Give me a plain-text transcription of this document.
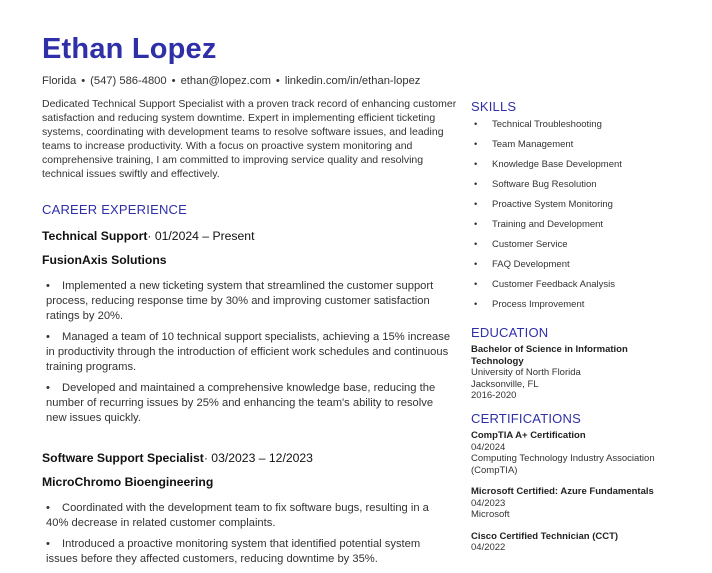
Ethan Lopez
Florida • (547) 586-4800 • ethan@lopez.com • linkedin.com/in/ethan-lopez

Dedicated Technical Support Specialist with a proven track record of enhancing customer satisfaction and reducing system downtime. Expert in implementing efficient ticketing systems, coordinating with development teams to resolve software issues, and leading teams to increase productivity. With a focus on proactive system monitoring and comprehensive training, I am committed to improving service quality and resolving technical issues swiftly and effectively.

CAREER EXPERIENCE
Technical Support· 01/2024 – Present
FusionAxis Solutions
• Implemented a new ticketing system that streamlined the customer support process, reducing response time by 30% and improving customer satisfaction ratings by 20%.
• Managed a team of 10 technical support specialists, achieving a 15% increase in productivity through the introduction of efficient work schedules and continuous training programs.
• Developed and maintained a comprehensive knowledge base, reducing the number of recurring issues by 25% and enhancing the team's ability to resolve new issues quickly.
Software Support Specialist· 03/2023 – 12/2023
MicroChromo Bioengineering
• Coordinated with the development team to fix software bugs, resulting in a 40% decrease in related customer complaints.
• Introduced a proactive monitoring system that identified potential system issues before they affected customers, reducing downtime by 35%.
SKILLS
• Technical Troubleshooting
• Team Management
• Knowledge Base Development
• Software Bug Resolution
• Proactive System Monitoring
• Training and Development
• Customer Service
• FAQ Development
• Customer Feedback Analysis
• Process Improvement
EDUCATION
Bachelor of Science in Information Technology
University of North Florida
Jacksonville, FL
2016-2020
CERTIFICATIONS
CompTIA A+ Certification
04/2024
Computing Technology Industry Association (CompTIA)
Microsoft Certified: Azure Fundamentals
04/2023
Microsoft
Cisco Certified Technician (CCT)
04/2022
